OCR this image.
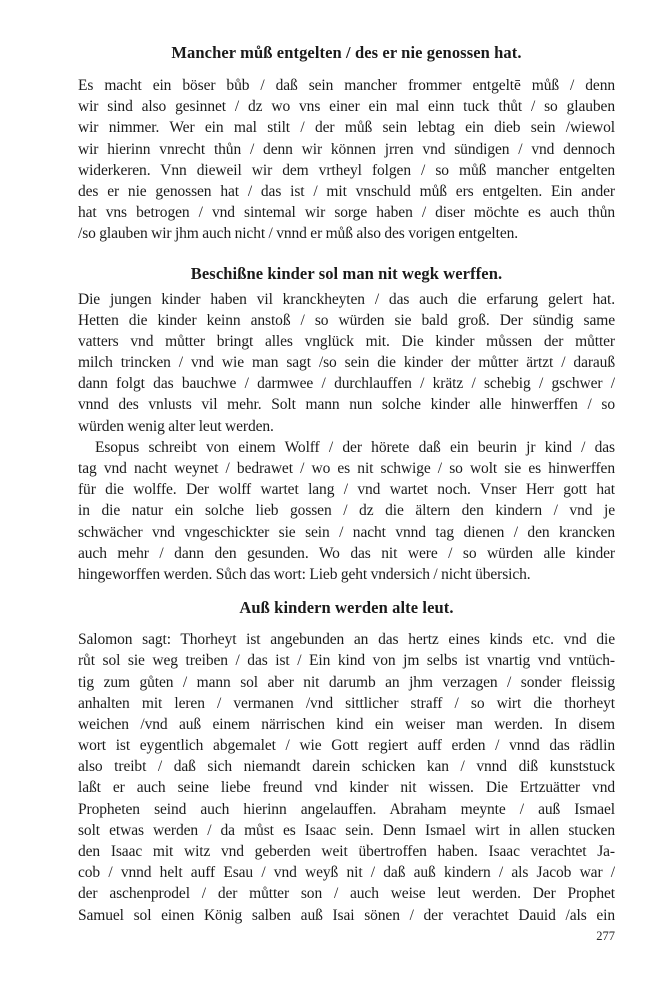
Mancher můß entgelten / des er nie genossen hat.
Es macht ein böser bůb / daß sein mancher frommer entgeltē můß / denn
wir sind also gesinnet / dz wo vns einer ein mal einn tuck thůt / so glauben
wir nimmer. Wer ein mal stilt / der můß sein lebtag ein dieb sein /wiewol
wir hierinn vnrecht thůn / denn wir können jrren vnd sündigen / vnd dennoch
widerkeren. Vnn dieweil wir dem vrtheyl folgen / so můß mancher entgelten
des er nie genossen hat / das ist / mit vnschuld můß ers entgelten. Ein ander
hat vns betrogen / vnd sintemal wir sorge haben / diser möchte es auch thůn
/so glauben wir jhm auch nicht / vnnd er můß also des vorigen entgelten.
Beschißne kinder sol man nit wegk werffen.
Die jungen kinder haben vil kranckheyten / das auch die erfarung gelert hat.
Hetten die kinder keinn anstoß / so würden sie bald groß. Der sündig same
vatters vnd můtter bringt alles vnglück mit. Die kinder můssen der můtter
milch trincken / vnd wie man sagt /so sein die kinder der můtter ärtzt / darauß
dann folgt das bauchwe / darmwee / durchlauffen / krätz / schebig / gschwer /
vnnd des vnlusts vil mehr. Solt mann nun solche kinder alle hinwerffen / so
würden wenig alter leut werden.
Esopus schreibt von einem Wolff / der hörete daß ein beurin jr kind / das
tag vnd nacht weynet / bedrawet / wo es nit schwige / so wolt sie es hinwerffen
für die wolffe. Der wolff wartet lang / vnd wartet noch. Vnser Herr gott hat
in die natur ein solche lieb gossen / dz die ältern den kindern / vnd je
schwächer vnd vngeschickter sie sein / nacht vnnd tag dienen / den krancken
auch mehr / dann den gesunden. Wo das nit were / so würden alle kinder
hingeworffen werden. Sůch das wort: Lieb geht vndersich / nicht übersich.
Auß kindern werden alte leut.
Salomon sagt: Thorheyt ist angebunden an das hertz eines kinds etc. vnd die
růt sol sie weg treiben / das ist / Ein kind von jm selbs ist vnartig vnd vntüch-
tig zum gůten / mann sol aber nit darumb an jhm verzagen / sonder fleissig
anhalten mit leren / vermanen /vnd sittlicher straff / so wirt die thorheyt
weichen /vnd auß einem närrischen kind ein weiser man werden. In disem
wort ist eygentlich abgemalet / wie Gott regiert auff erden / vnnd das rädlin
also treibt / daß sich niemandt darein schicken kan / vnnd diß kunststuck
laßt er auch seine liebe freund vnd kinder nit wissen. Die Ertzuätter vnd
Propheten seind auch hierinn angelauffen. Abraham meynte / auß Ismael
solt etwas werden / da můst es Isaac sein. Denn Ismael wirt in allen stucken
den Isaac mit witz vnd geberden weit übertroffen haben. Isaac verachtet Ja-
cob / vnnd helt auff Esau / vnd weyß nit / daß auß kindern / als Jacob war /
der aschenprodel / der můtter son / auch weise leut werden. Der Prophet
Samuel sol einen König salben auß Isai sönen / der verachtet Dauid /als ein
277
